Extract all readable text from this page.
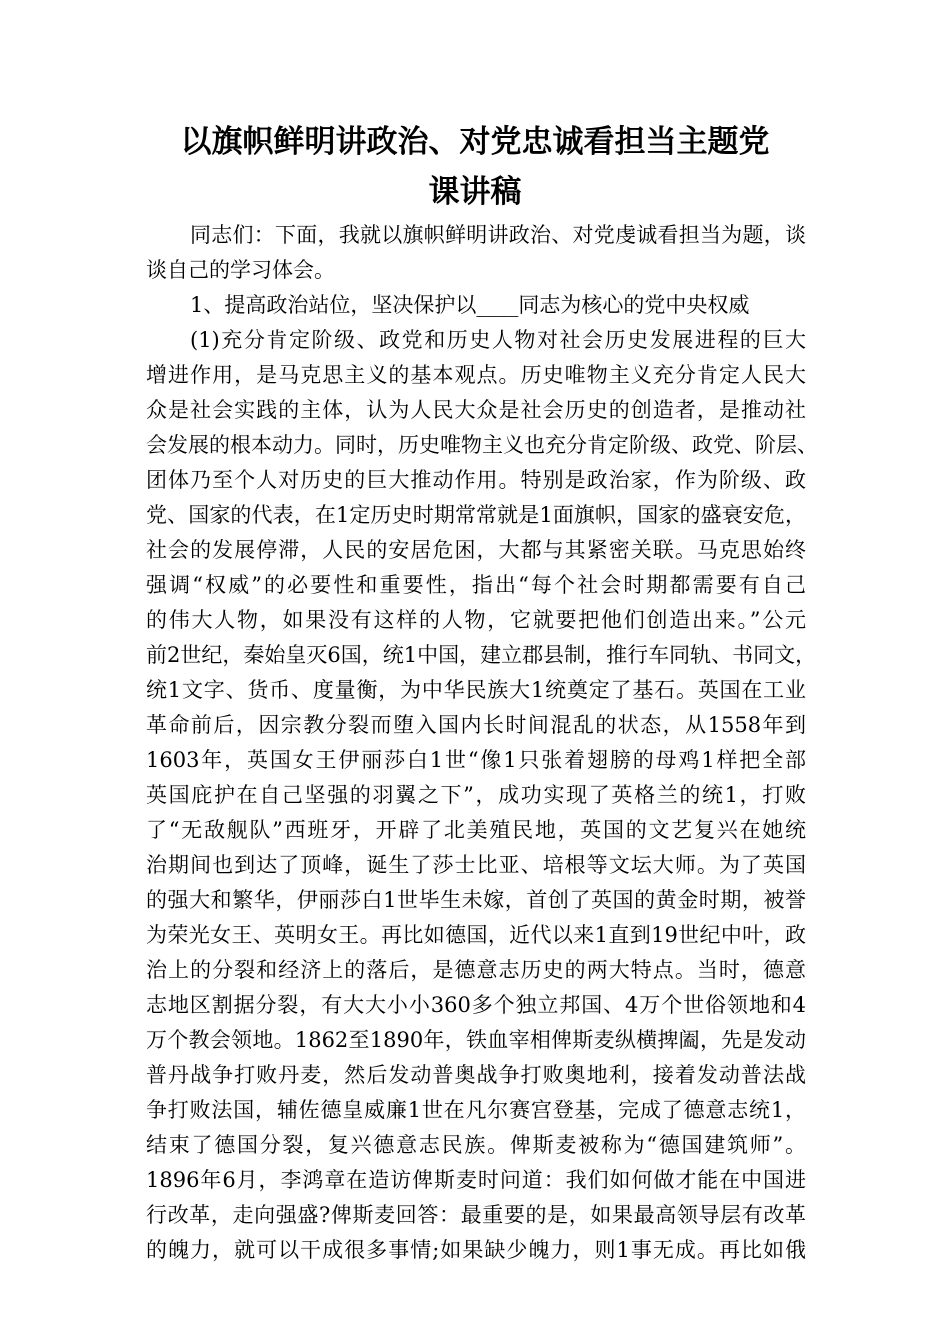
以旗帜鲜明讲政治、对党忠诚看担当主题党
课讲稿
同志们：下面，我就以旗帜鲜明讲政治、对党虔诚看担当为题，谈
谈自己的学习体会。
1、提高政治站位，坚决保护以____同志为核心的党中央权威
(1)充分肯定阶级、政党和历史人物对社会历史发展进程的巨大
增进作用，是马克思主义的基本观点。历史唯物主义充分肯定人民大
众是社会实践的主体，认为人民大众是社会历史的创造者，是推动社
会发展的根本动力。同时，历史唯物主义也充分肯定阶级、政党、阶层、
团体乃至个人对历史的巨大推动作用。特别是政治家，作为阶级、政
党、国家的代表，在1定历史时期常常就是1面旗帜，国家的盛衰安危，
社会的发展停滞，人民的安居危困，大都与其紧密关联。马克思始终
强调“权威”的必要性和重要性，指出“每个社会时期都需要有自己
的伟大人物，如果没有这样的人物，它就要把他们创造出来。”公元
前2世纪，秦始皇灭6国，统1中国，建立郡县制，推行车同轨、书同文，
统1文字、货币、度量衡，为中华民族大1统奠定了基石。英国在工业
革命前后，因宗教分裂而堕入国内长时间混乱的状态，从1558年到
1603年，英国女王伊丽莎白1世“像1只张着翅膀的母鸡1样把全部
英国庇护在自己坚强的羽翼之下”，成功实现了英格兰的统1，打败
了“无敌舰队”西班牙，开辟了北美殖民地，英国的文艺复兴在她统
治期间也到达了顶峰，诞生了莎士比亚、培根等文坛大师。为了英国
的强大和繁华，伊丽莎白1世毕生未嫁，首创了英国的黄金时期，被誉
为荣光女王、英明女王。再比如德国，近代以来1直到19世纪中叶，政
治上的分裂和经济上的落后，是德意志历史的两大特点。当时，德意
志地区割据分裂，有大大小小360多个独立邦国、4万个世俗领地和4
万个教会领地。1862至1890年，铁血宰相俾斯麦纵横捭阖，先是发动
普丹战争打败丹麦，然后发动普奥战争打败奥地利，接着发动普法战
争打败法国，辅佐德皇威廉1世在凡尔赛宫登基，完成了德意志统1，
结束了德国分裂，复兴德意志民族。俾斯麦被称为“德国建筑师”。
1896年6月，李鸿章在造访俾斯麦时问道：我们如何做才能在中国进
行改革，走向强盛?俾斯麦回答：最重要的是，如果最高领导层有改革
的魄力，就可以干成很多事情;如果缺少魄力，则1事无成。再比如俄
